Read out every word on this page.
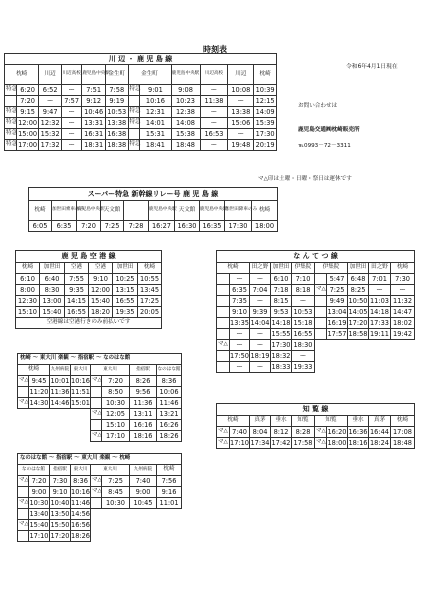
時刻表
令和6年4月1日現在
川 辺 ・ 鹿 児 島 線											
枕崎		川辺	川辺高校	鹿児島中央駅	金生町	金生町		鹿児島中央駅	川辺高校	川辺	枕崎
特急	6:20	6:52	ー	7:51	7:58	特急	9:01	9:08	ー	10:08	10:39
	7:20	ー	7:57	9:12	9:19		10:16	10:23	11:38	ー	12:15
特急	9:15	9:47	ー	10:46	10:53	特急	12:31	12:38	ー	13:38	14:09
特急	12:00	12:32	ー	13:31	13:38	特急	14:01	14:08	ー	15:06	15:39
特急	15:00	15:32	ー	16:31	16:38		15:31	15:38	16:53	ー	17:30
特急	17:00	17:32	ー	18:31	18:38	特急	18:41	18:48	ー	19:48	20:19
お問い合わせは
鹿児島交通㈱枕崎販売所
℡0993－72－3311
マ△印は土曜・日曜・祭日は運休です
スーパー特急 新幹線リレー号 鹿 児 島 線									
枕崎	加世田乗車のみ	鹿児島中央駅	天文館		鹿児島中央駅	天文館	鹿児島中央駅	加世田降車のみ	枕崎
6:05	6:35	7:20	7:25	7:28	16:27	16:30	16:35	17:30	18:00
鹿 児 島 空 港 線					
枕崎	加世田	空港	空港	加世田	枕崎
6:10	6:40	7:55	9:10	10:25	10:55
8:00	8:30	9:35	12:00	13:15	13:45
12:30	13:00	14:15	15:40	16:55	17:25
15:10	15:40	16:55	18:20	19:35	20:05
空港線は空港行きのみ前払いです					
な ん て つ 線									
枕崎		田之野	加世田	伊集院	伊集院		加世田	田之野	枕崎
	ー	ー	6:10	7:10		5:47	6:48	7:01	7:30
	6:35	7:04	7:18	8:18	マ△	7:25	8:25	ー	ー
	7:35	ー	8:15	ー		9:49	10:50	11:03	11:32
	9:10	9:39	9:53	10:53		13:04	14:05	14:18	14:47
	13:35	14:04	14:18	15:18		16:19	17:20	17:33	18:02
	ー	ー	15:55	16:55		17:57	18:58	19:11	19:42
マ△	ー	ー	17:30	18:30					
	17:50	18:19	18:32	ー					
	ー	ー	18:33	19:33					
枕崎 〜 東大川 楽観 〜 指宿駅 〜 なのはな館							
枕崎		九州病院	東大川	東大川		指宿駅	なのはな館
マ△	9:45	10:01	10:16	マ△	7:20	8:26	8:36
	11:20	11:36	11:51		8:50	9:56	10:06
マ△	14:30	14:46	15:01		10:30	11:36	11:46
				マ△	12:05	13:11	13:21
					15:10	16:16	16:26
				マ△	17:10	18:16	18:26
なのはな館 〜 指宿駅 〜 東大川 楽観 〜 枕崎							
なのはな館		指宿駅	東大川	東大川		九州病院	枕崎
マ△	7:20	7:30	8:36	マ△	7:25	7:40	7:56
	9:00	9:10	10:16	マ△	8:45	9:00	9:16
マ△	10:30	10:40	11:46		10:30	10:45	11:01
	13:40	13:50	14:56				
マ△	15:40	15:50	16:56				
	17:10	17:20	18:26				
知 覧 線									
枕崎		真茅	垂水	知覧	知覧		垂水	真茅	枕崎
マ△	7:40	8:04	8:12	8:28	マ△	16:20	16:36	16:44	17:08
マ△	17:10	17:34	17:42	17:58	マ△	18:00	18:16	18:24	18:48
